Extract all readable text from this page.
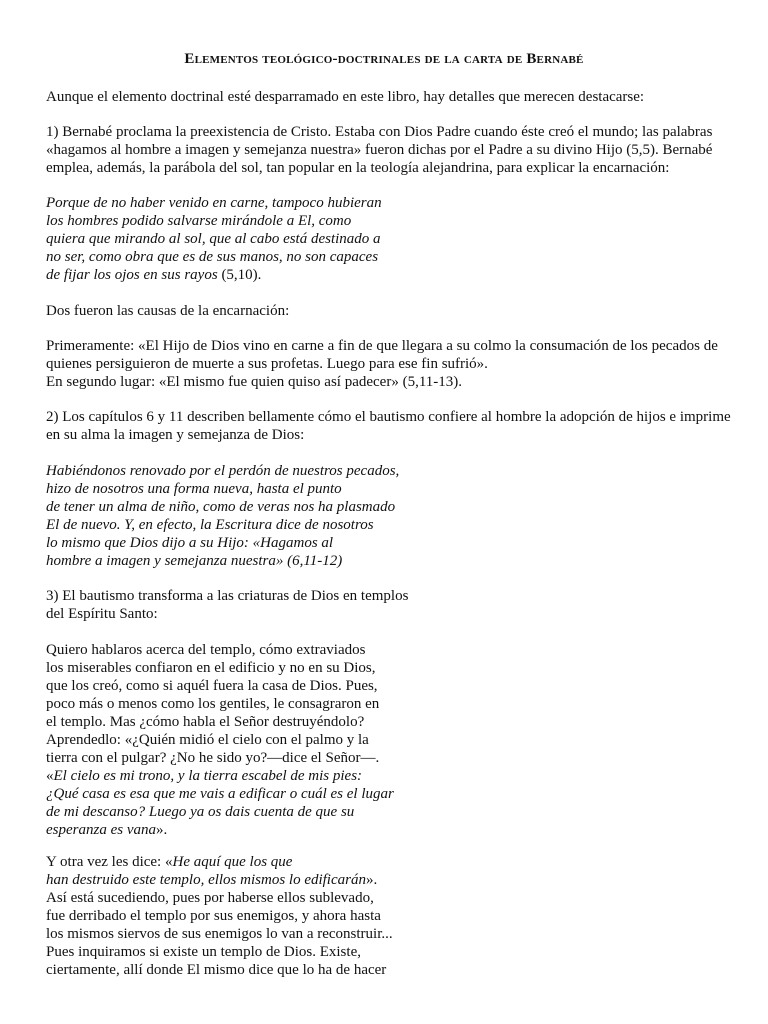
Elementos teológico-doctrinales de la carta de Bernabé

Aunque el elemento doctrinal esté desparramado en este libro, hay detalles que merecen destacarse:

1) Bernabé proclama la preexistencia de Cristo. Estaba con Dios Padre cuando éste creó el mundo; las palabras
«hagamos al hombre a imagen y semejanza nuestra» fueron dichas por el Padre a su divino Hijo (5,5). Bernabé
emplea, además, la parábola del sol, tan popular en la teología alejandrina, para explicar la encarnación:

Porque de no haber venido en carne, tampoco hubieran
los hombres podido salvarse mirándole a El, como
quiera que mirando al sol, que al cabo está destinado a
no ser, como obra que es de sus manos, no son capaces
de fijar los ojos en sus rayos (5,10).

Dos fueron las causas de la encarnación:

Primeramente: «El Hijo de Dios vino en carne a fin de que llegara a su colmo la consumación de los pecados de
quienes persiguieron de muerte a sus profetas. Luego para ese fin sufrió».
En segundo lugar: «El mismo fue quien quiso así padecer» (5,11-13).

2) Los capítulos 6 y 11 describen bellamente cómo el bautismo confiere al hombre la adopción de hijos e imprime
en su alma la imagen y semejanza de Dios:

Habiéndonos renovado por el perdón de nuestros pecados,
hizo de nosotros una forma nueva, hasta el punto
de tener un alma de niño, como de veras nos ha plasmado
El de nuevo. Y, en efecto, la Escritura dice de nosotros
lo mismo que Dios dijo a su Hijo: «Hagamos al
hombre a imagen y semejanza nuestra» (6,11-12)

3) El bautismo transforma a las criaturas de Dios en templos
del Espíritu Santo:

Quiero hablaros acerca del templo, cómo extraviados
los miserables confiaron en el edificio y no en su Dios,
que los creó, como si aquél fuera la casa de Dios. Pues,
poco más o menos como los gentiles, le consagraron en
el templo. Mas ¿cómo habla el Señor destruyéndolo?
Aprendedlo: «¿Quién midió el cielo con el palmo y la
tierra con el pulgar? ¿No he sido yo?—dice el Señor—.
«El cielo es mi trono, y la tierra escabel de mis pies:
¿Qué casa es esa que me vais a edificar o cuál es el lugar
de mi descanso? Luego ya os dais cuenta de que su
esperanza es vana».

Y otra vez les dice: «He aquí que los que
han destruido este templo, ellos mismos lo edificarán».
Así está sucediendo, pues por haberse ellos sublevado,
fue derribado el templo por sus enemigos, y ahora hasta
los mismos siervos de sus enemigos lo van a reconstruir...
Pues inquiramos si existe un templo de Dios. Existe,
ciertamente, allí donde El mismo dice que lo ha de hacer
